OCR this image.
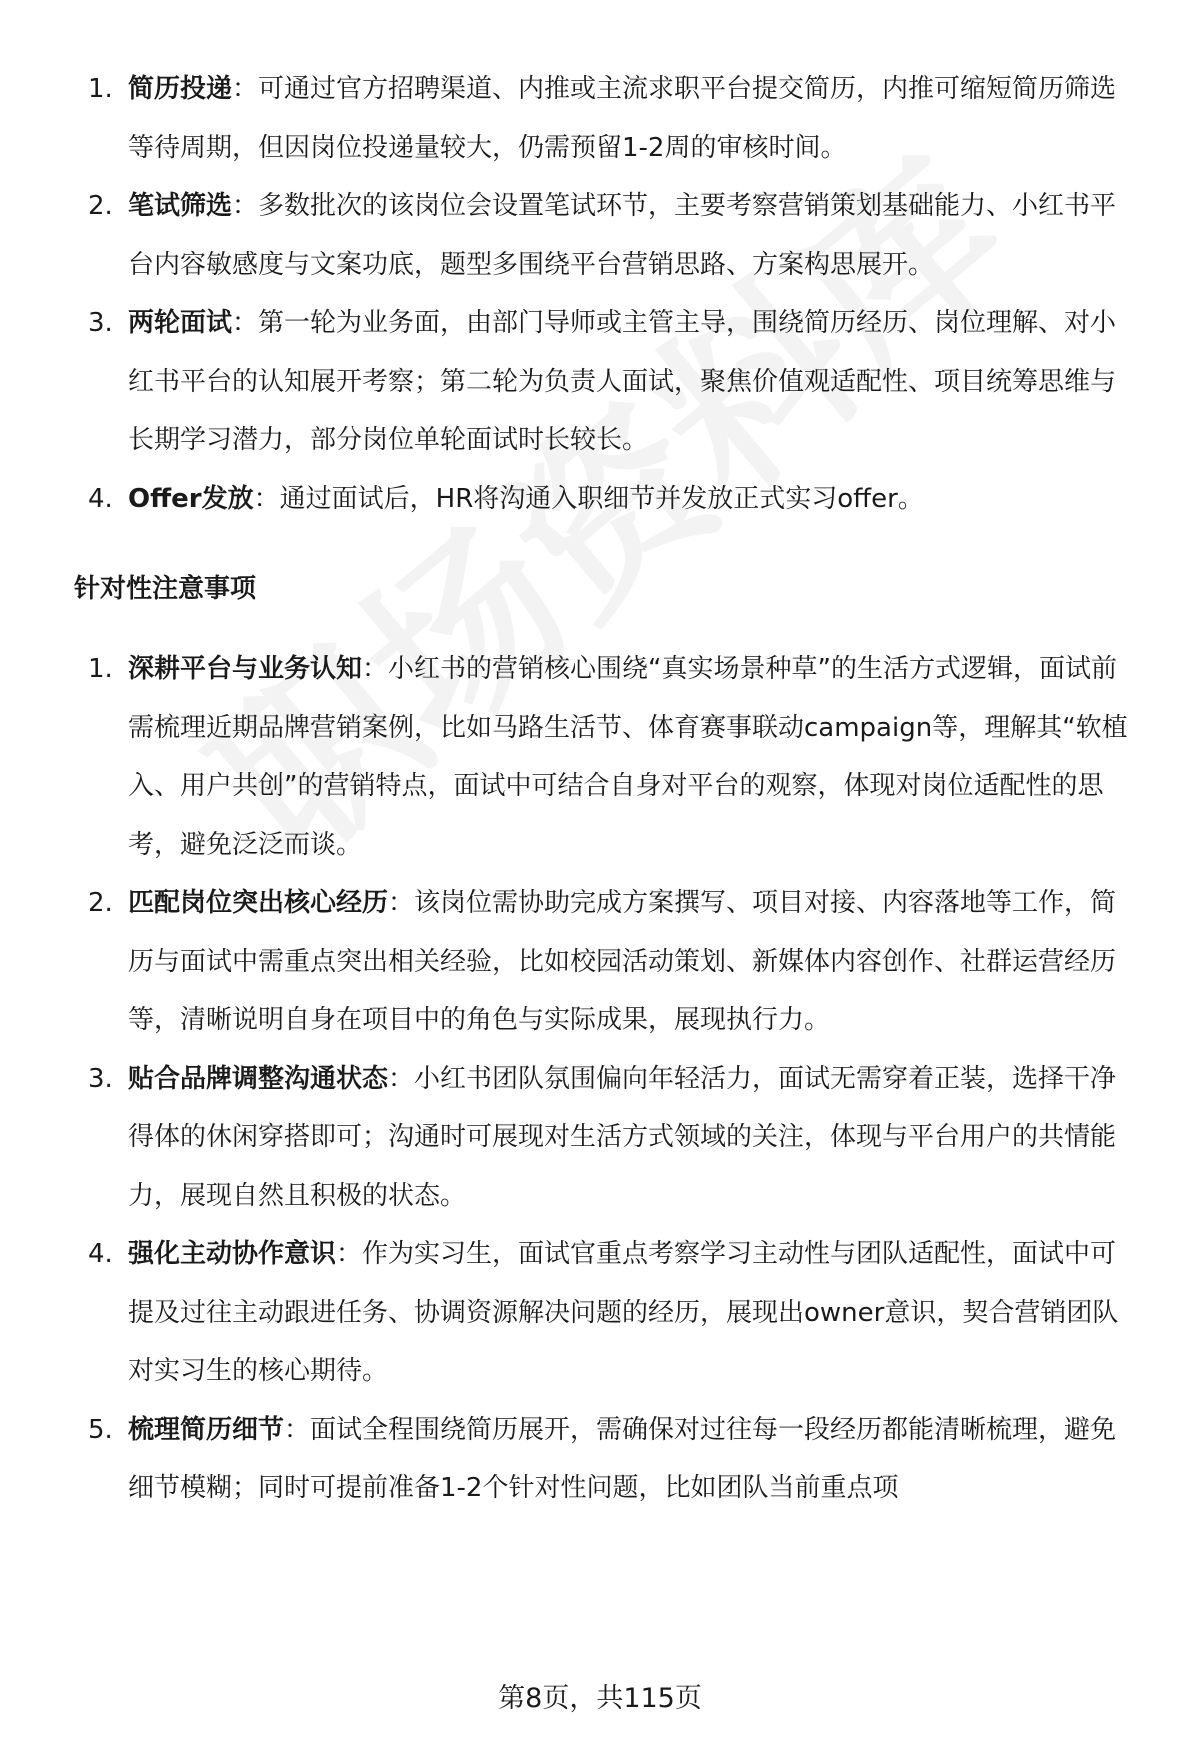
1. 简历投递：可通过官方招聘渠道、内推或主流求职平台提交简历，内推可缩短简历筛选等待周期，但因岗位投递量较大，仍需预留1-2周的审核时间。
2. 笔试筛选：多数批次的该岗位会设置笔试环节，主要考察营销策划基础能力、小红书平台内容敏感度与文案功底，题型多围绕平台营销思路、方案构思展开。
3. 两轮面试：第一轮为业务面，由部门导师或主管主导，围绕简历经历、岗位理解、对小红书平台的认知展开考察；第二轮为负责人面试，聚焦价值观适配性、项目统筹思维与长期学习潜力，部分岗位单轮面试时长较长。
4. Offer发放：通过面试后，HR将沟通入职细节并发放正式实习offer。
针对性注意事项
1. 深耕平台与业务认知：小红书的营销核心围绕“真实场景种草”的生活方式逻辑，面试前需梳理近期品牌营销案例，比如马路生活节、体育赛事联动campaign等，理解其“软植入、用户共创”的营销特点，面试中可结合自身对平台的观察，体现对岗位适配性的思考，避免泛泛而谈。
2. 匹配岗位突出核心经历：该岗位需协助完成方案撰写、项目对接、内容落地等工作，简历与面试中需重点突出相关经验，比如校园活动策划、新媒体内容创作、社群运营经历等，清晰说明自身在项目中的角色与实际成果，展现执行力。
3. 贴合品牌调整沟通状态：小红书团队氛围偏向年轻活力，面试无需穿着正装，选择干净得体的休闲穿搭即可；沟通时可展现对生活方式领域的关注，体现与平台用户的共情能力，展现自然且积极的状态。
4. 强化主动协作意识：作为实习生，面试官重点考察学习主动性与团队适配性，面试中可提及过往主动跟进任务、协调资源解决问题的经历，展现出owner意识，契合营销团队对实习生的核心期待。
5. 梳理简历细节：面试全程围绕简历展开，需确保对过往每一段经历都能清晰梳理，避免细节模糊；同时可提前准备1-2个针对性问题，比如团队当前重点项
第8页，共115页
